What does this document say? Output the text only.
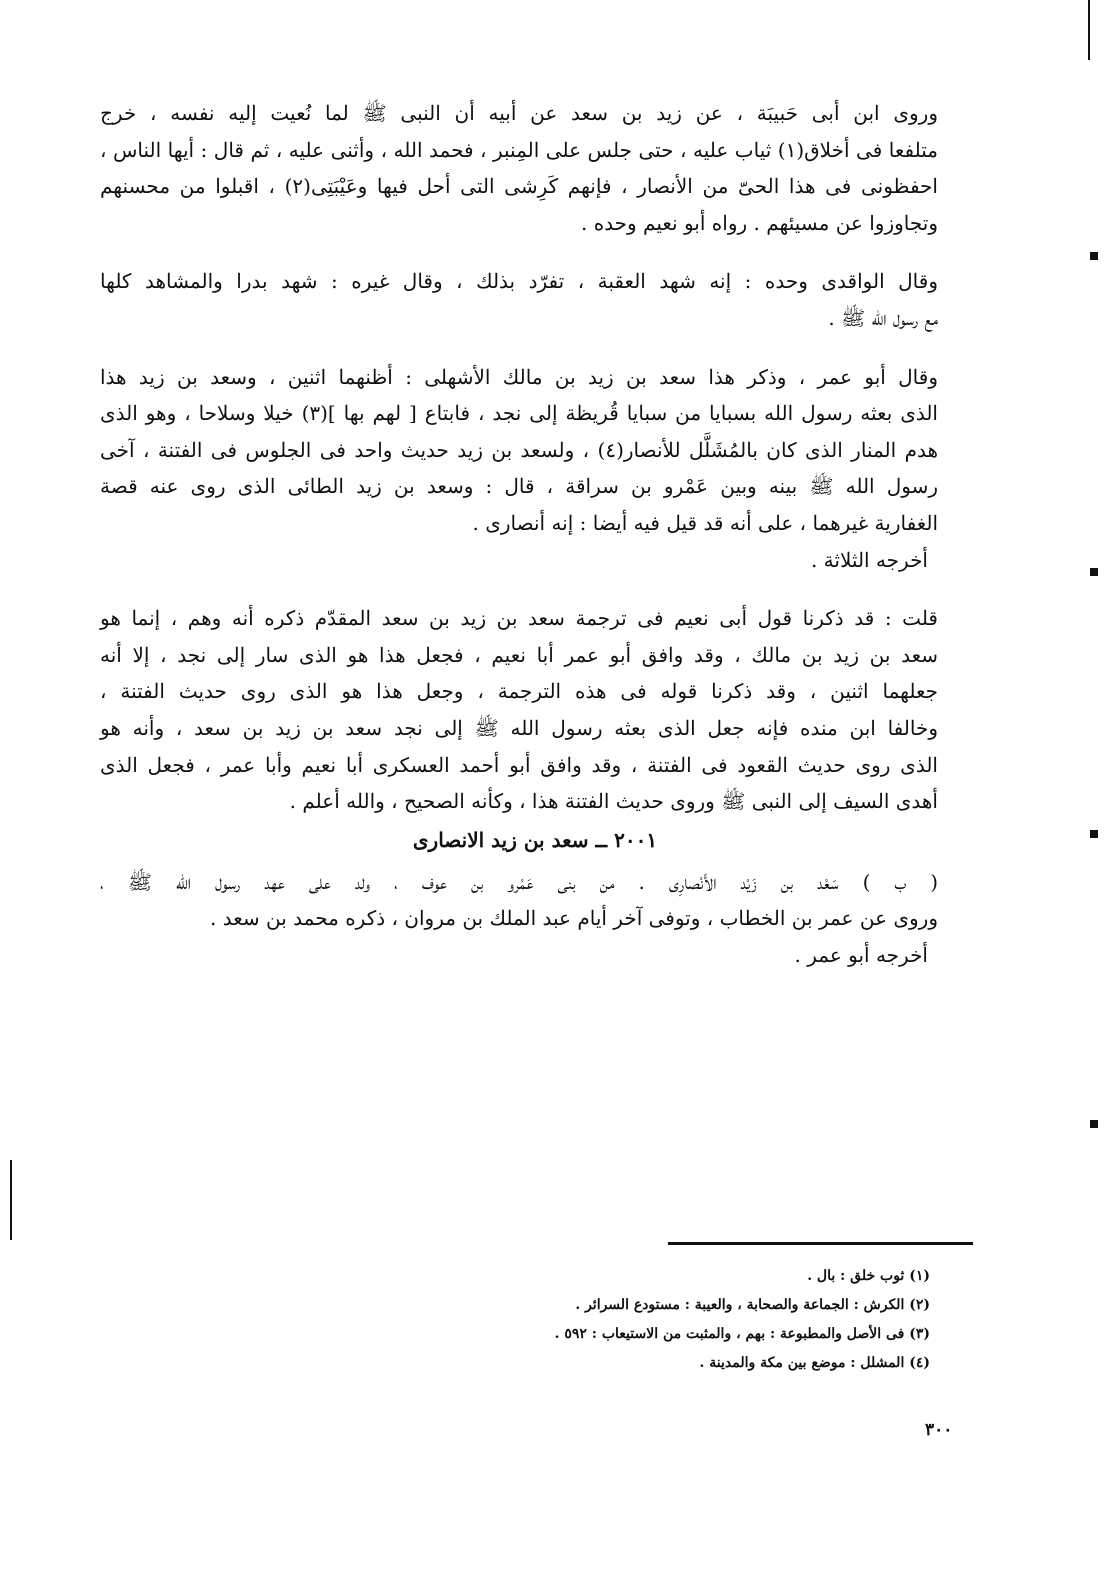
وروى ابن أبى حَبيبَة ، عن زيد بن سعد عن أبيه أن النبى ﷺ لما نُعيت إليه نفسه ، خرج
متلفعا فى أخلاق(١) ثياب عليه ، حتى جلس على المِنبر ، فحمد الله ، وأثنى عليه ، ثم قال : أيها الناس ،
احفظونى فى هذا الحىّ من الأنصار ، فإنهم كَرِشى التى أحل فيها وعَيْبَتِى(٢) ، اقبلوا من محسنهم
وتجاوزوا عن مسيئهم . رواه أبو نعيم وحده .
وقال الواقدى وحده : إنه شهد العقبة ، تفرّد بذلك ، وقال غيره : شهد بدرا والمشاهد كلها
مع رسول الله ﷺ .
وقال أبو عمر ، وذكر هذا سعد بن زيد بن مالك الأشهلى : أظنهما اثنين ، وسعد بن زيد هذا
الذى بعثه رسول الله بسبايا من سبايا قُريظة إلى نجد ، فابتاع [ لهم بها ](٣) خيلا وسلاحا ، وهو الذى
هدم المنار الذى كان بالمُشَلَّل للأنصار(٤) ، ولسعد بن زيد حديث واحد فى الجلوس فى الفتنة ، آخى
رسول الله ﷺ بينه وبين عَمْرو بن سراقة ، قال : وسعد بن زيد الطائى الذى روى عنه قصة
الغفارية غيرهما ، على أنه قد قيل فيه أيضا : إنه أنصارى .
أخرجه الثلاثة .
قلت : قد ذكرنا قول أبى نعيم فى ترجمة سعد بن زيد بن سعد المقدّم ذكره أنه وهم ، إنما هو
سعد بن زيد بن مالك ، وقد وافق أبو عمر أبا نعيم ، فجعل هذا هو الذى سار إلى نجد ، إلا أنه
جعلهما اثنين ، وقد ذكرنا قوله فى هذه الترجمة ، وجعل هذا هو الذى روى حديث الفتنة ،
وخالفا ابن منده فإنه جعل الذى بعثه رسول الله ﷺ إلى نجد سعد بن زيد بن سعد ، وأنه هو
الذى روى حديث القعود فى الفتنة ، وقد وافق أبو أحمد العسكرى أبا نعيم وأبا عمر ، فجعل الذى
أهدى السيف إلى النبى ﷺ وروى حديث الفتنة هذا ، وكأنه الصحيح ، والله أعلم .
٢٠٠١ ــ سعد بن زيد الانصارى
( ب ) سَعْد بن زَيْد الأَنْصارِى . من بنى عَمْرو بن عوف ، ولد على عهد رسول الله ﷺ ،
وروى عن عمر بن الخطاب ، وتوفى آخر أيام عبد الملك بن مروان ، ذكره محمد بن سعد .
أخرجه أبو عمر .
(١) ثوب خلق : بال .
(٢) الكرش : الجماعة والصحابة ، والعيبة : مستودع السرائر .
(٣) فى الأصل والمطبوعة : بهم ، والمثبت من الاستيعاب : ٥٩٢ .
(٤) المشلل : موضع بين مكة والمدينة .
٣٠٠
